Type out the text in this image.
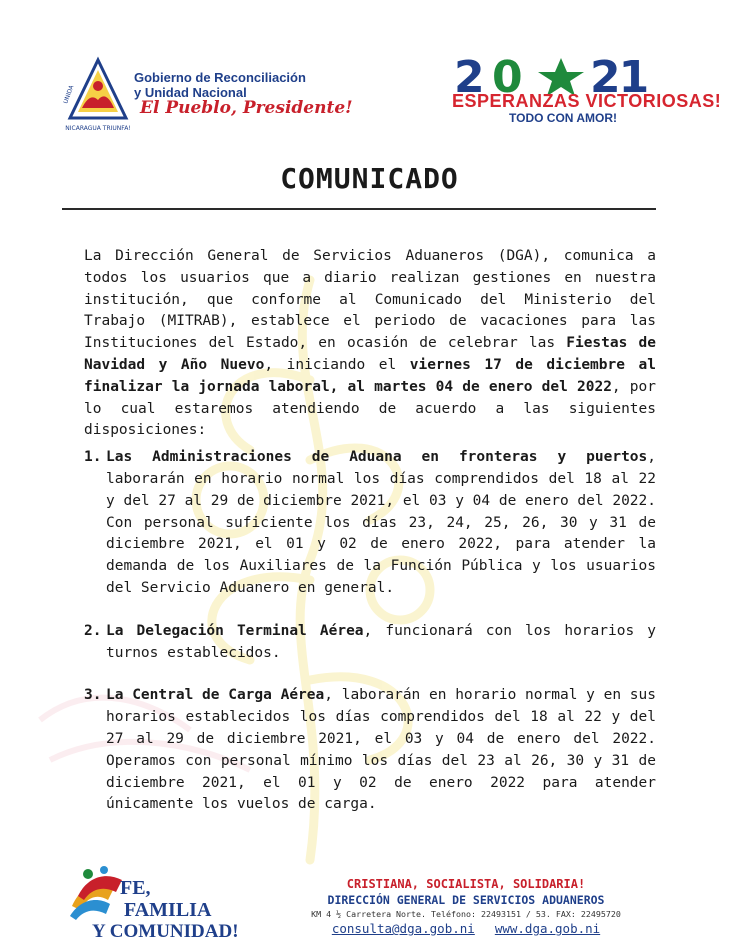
UNIDA
NICARAGUA TRIUNFA!
Gobierno de Reconciliación
y Unidad Nacional
El Pueblo, Presidente!
2 0 21
ESPERANZAS VICTORIOSAS!
TODO CON AMOR!
COMUNICADO

La Dirección General de Servicios Aduaneros (DGA), comunica a todos los usuarios que a diario realizan gestiones en nuestra institución, que conforme al Comunicado del Ministerio del Trabajo (MITRAB), establece el periodo de vacaciones para las Instituciones del Estado, en ocasión de celebrar las Fiestas de Navidad y Año Nuevo, iniciando el viernes 17 de diciembre al finalizar la jornada laboral, al martes 04 de enero del 2022, por lo cual estaremos atendiendo de acuerdo a las siguientes disposiciones:

1. Las Administraciones de Aduana en fronteras y puertos, laborarán en horario normal los días comprendidos del 18 al 22 y del 27 al 29 de diciembre 2021, el 03 y 04 de enero del 2022. Con personal suficiente los días 23, 24, 25, 26, 30 y 31 de diciembre 2021, el 01 y 02 de enero 2022, para atender la demanda de los Auxiliares de la Función Pública y los usuarios del Servicio Aduanero en general.
2. La Delegación Terminal Aérea, funcionará con los horarios y turnos establecidos.
3. La Central de Carga Aérea, laborarán en horario normal y en sus horarios establecidos los días comprendidos del 18 al 22 y del 27 al 29 de diciembre 2021, el 03 y 04 de enero del 2022. Operamos con personal mínimo los días del 23 al 26, 30 y 31 de diciembre 2021, el 01 y 02 de enero 2022 para atender únicamente los vuelos de carga.
FE,
FAMILIA
Y COMUNIDAD!
CRISTIANA, SOCIALISTA, SOLIDARIA!
DIRECCIÓN GENERAL DE SERVICIOS ADUANEROS
KM 4 ½ Carretera Norte. Teléfono: 22493151 / 53. FAX: 22495720
consulta@dga.gob.ni www.dga.gob.ni
